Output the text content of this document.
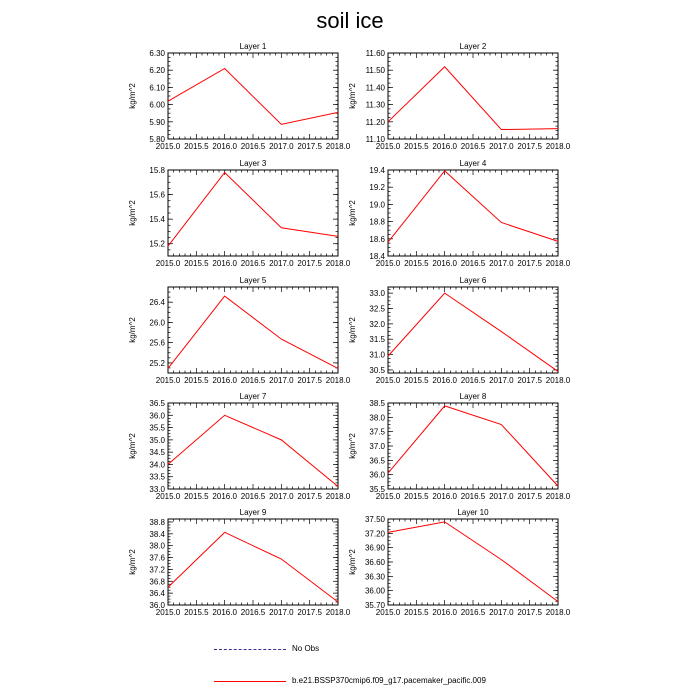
soil ice
Layer 1
kg/m^2
2015.0 2015.5 2016.0 2016.5 2017.0 2017.5 2018.0
5.80
5.90
6.00
6.10
6.20
6.30
Layer 2
kg/m^2
2015.0 2015.5 2016.0 2016.5 2017.0 2017.5 2018.0
11.10
11.20
11.30
11.40
11.50
11.60
Layer 3
kg/m^2
2015.0 2015.5 2016.0 2016.5 2017.0 2017.5 2018.0
15.2
15.4
15.6
15.8
Layer 4
kg/m^2
2015.0 2015.5 2016.0 2016.5 2017.0 2017.5 2018.0
18.4
18.6
18.8
19.0
19.2
19.4
Layer 5
kg/m^2
2015.0 2015.5 2016.0 2016.5 2017.0 2017.5 2018.0
25.2
25.6
26.0
26.4
Layer 6
kg/m^2
2015.0 2015.5 2016.0 2016.5 2017.0 2017.5 2018.0
30.5
31.0
31.5
32.0
32.5
33.0
Layer 7
kg/m^2
2015.0 2015.5 2016.0 2016.5 2017.0 2017.5 2018.0
33.0
33.5
34.0
34.5
35.0
35.5
36.0
36.5
Layer 8
kg/m^2
2015.0 2015.5 2016.0 2016.5 2017.0 2017.5 2018.0
35.5
36.0
36.5
37.0
37.5
38.0
38.5
Layer 9
kg/m^2
2015.0 2015.5 2016.0 2016.5 2017.0 2017.5 2018.0
36.0
36.4
36.8
37.2
37.6
38.0
38.4
38.8
Layer 10
kg/m^2
2015.0 2015.5 2016.0 2016.5 2017.0 2017.5 2018.0
35.70
36.00
36.30
36.60
36.90
37.20
37.50
No Obs
b.e21.BSSP370cmip6.f09_g17.pacemaker_pacific.009
